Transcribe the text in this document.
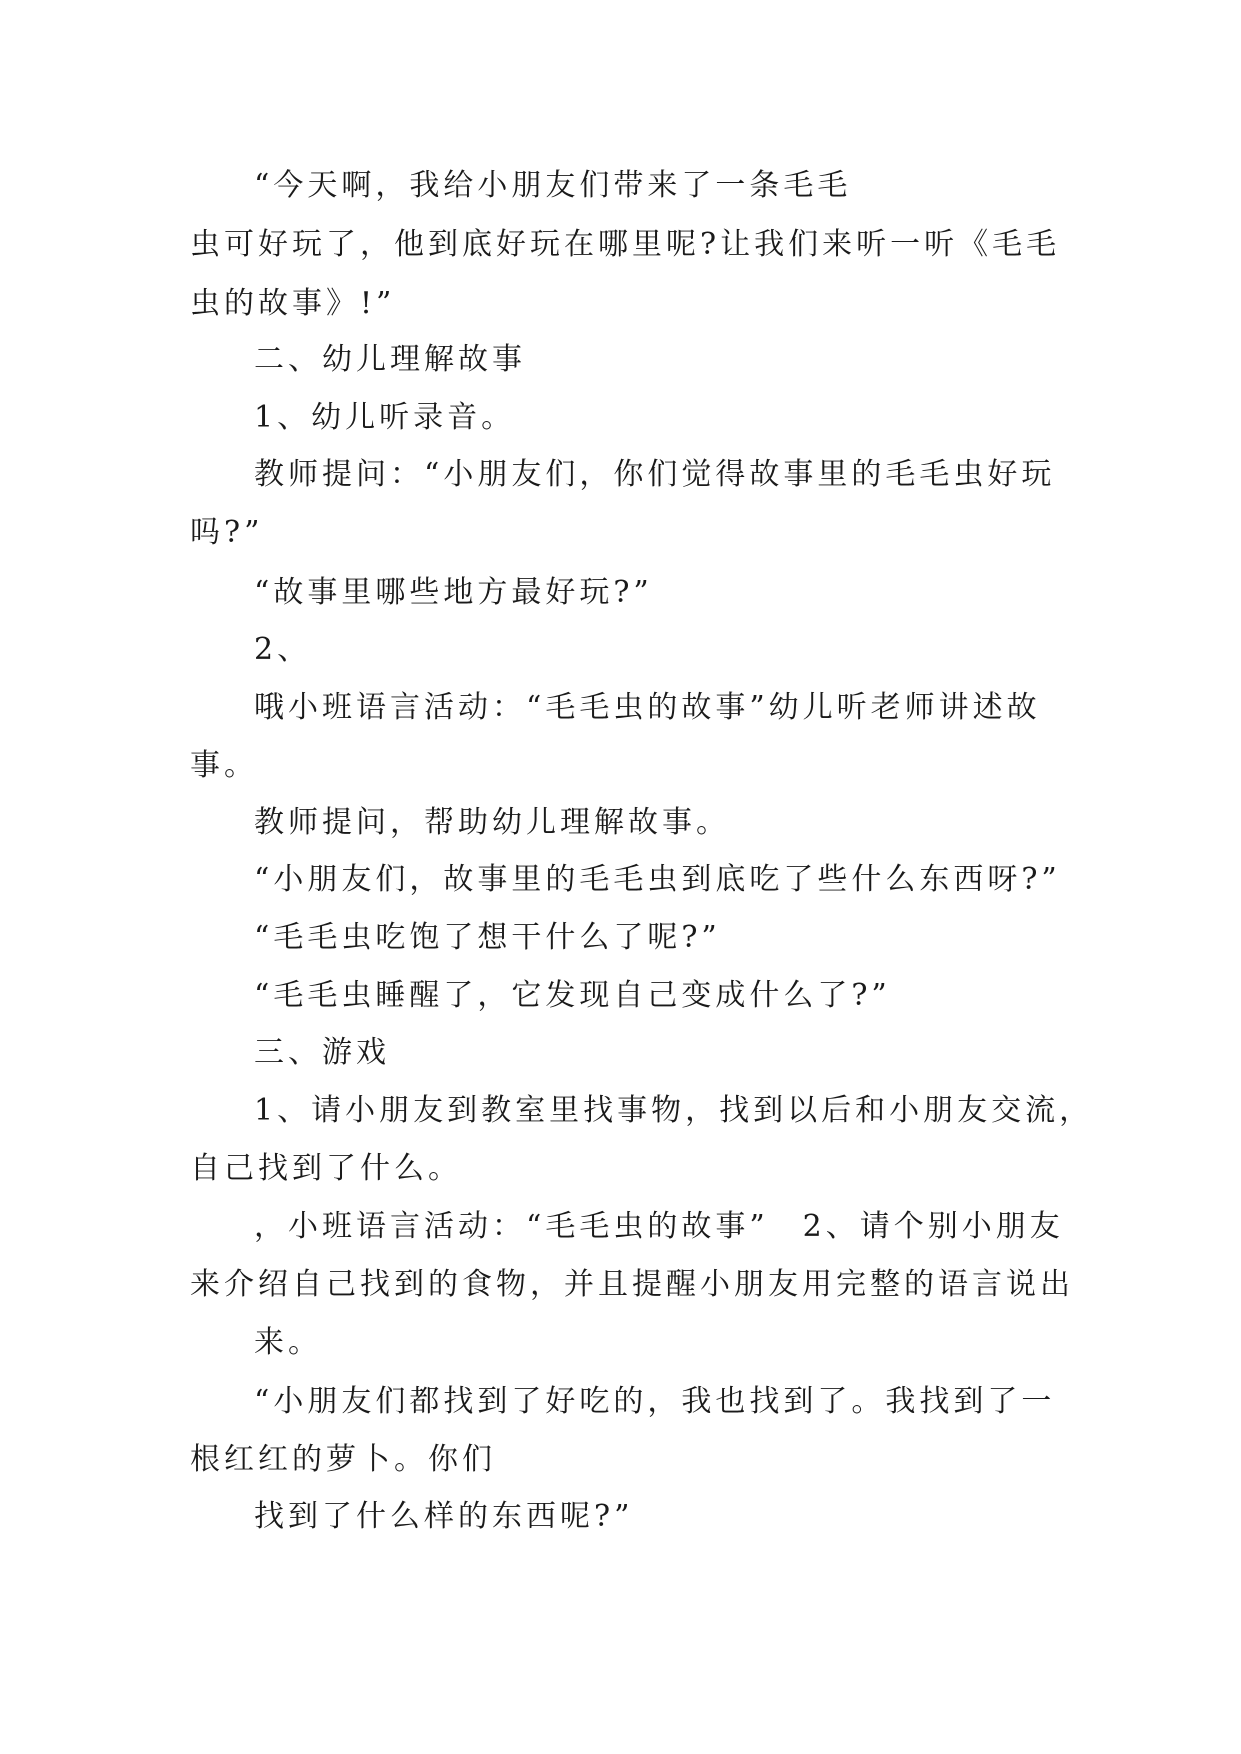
“今天啊，我给小朋友们带来了一条毛毛
虫可好玩了，他到底好玩在哪里呢?让我们来听一听《毛毛
虫的故事》!”
二、幼儿理解故事
1、幼儿听录音。
教师提问：“小朋友们，你们觉得故事里的毛毛虫好玩
吗?”
“故事里哪些地方最好玩?”
2、
哦小班语言活动：“毛毛虫的故事”幼儿听老师讲述故
事。
教师提问，帮助幼儿理解故事。
“小朋友们，故事里的毛毛虫到底吃了些什么东西呀?”
“毛毛虫吃饱了想干什么了呢?”
“毛毛虫睡醒了，它发现自己变成什么了?”
三、游戏
1、请小朋友到教室里找事物，找到以后和小朋友交流，
自己找到了什么。
，小班语言活动：“毛毛虫的故事”　2、请个别小朋友
来介绍自己找到的食物，并且提醒小朋友用完整的语言说出
来。
“小朋友们都找到了好吃的，我也找到了。我找到了一
根红红的萝卜。你们
找到了什么样的东西呢?”
